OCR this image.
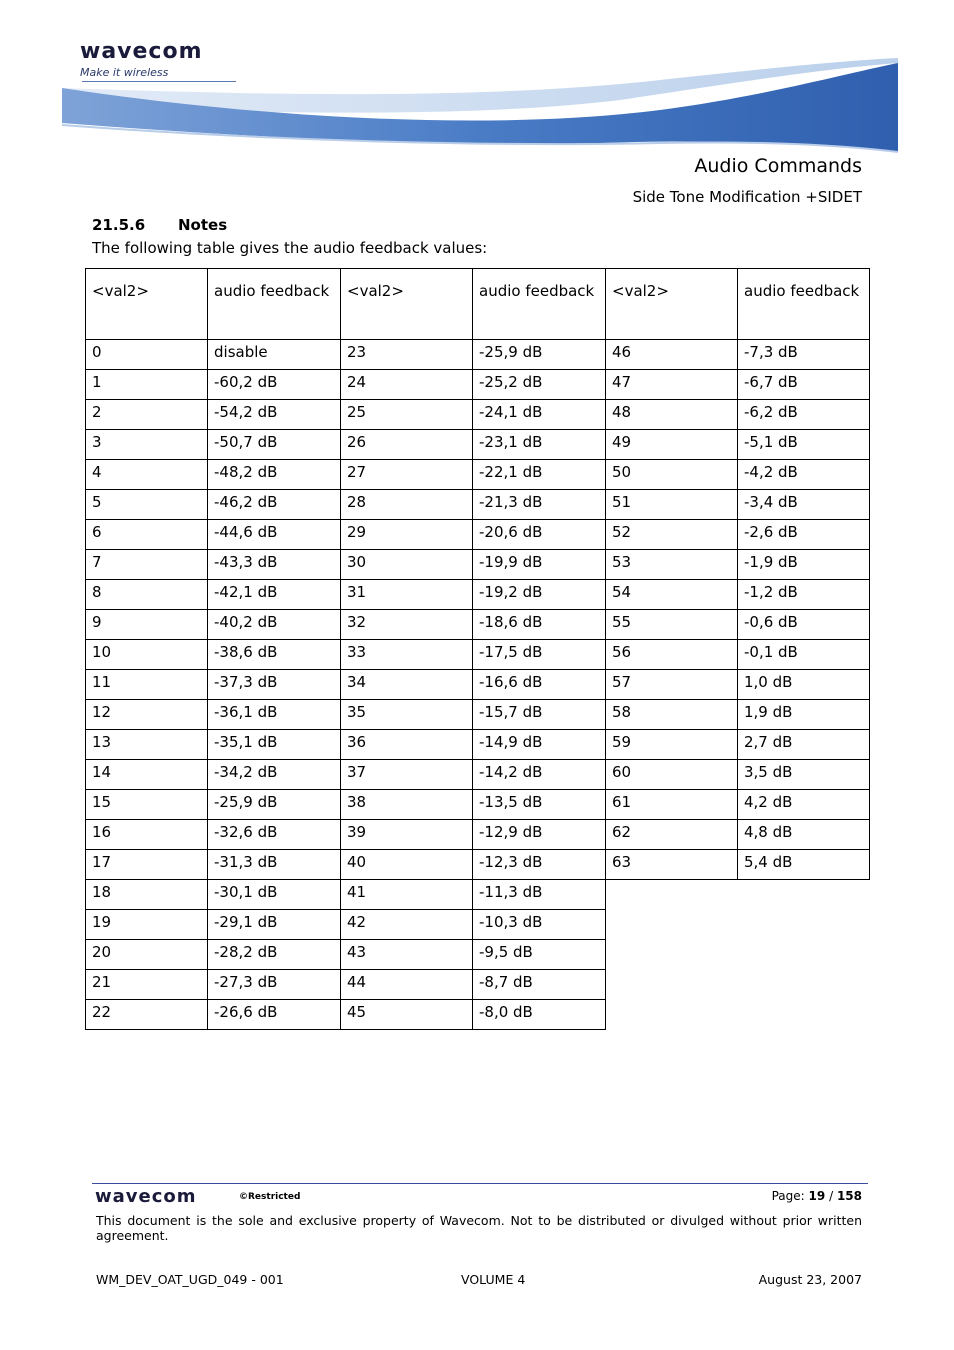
wavecom
Make it wireless
Audio Commands
Side Tone Modification +SIDET
21.5.6 Notes
The following table gives the audio feedback values:
<val2>	audio feedback	<val2>	audio feedback	<val2>	audio feedback
0	disable	23	-25,9 dB	46	-7,3 dB
1	-60,2 dB	24	-25,2 dB	47	-6,7 dB
2	-54,2 dB	25	-24,1 dB	48	-6,2 dB
3	-50,7 dB	26	-23,1 dB	49	-5,1 dB
4	-48,2 dB	27	-22,1 dB	50	-4,2 dB
5	-46,2 dB	28	-21,3 dB	51	-3,4 dB
6	-44,6 dB	29	-20,6 dB	52	-2,6 dB
7	-43,3 dB	30	-19,9 dB	53	-1,9 dB
8	-42,1 dB	31	-19,2 dB	54	-1,2 dB
9	-40,2 dB	32	-18,6 dB	55	-0,6 dB
10	-38,6 dB	33	-17,5 dB	56	-0,1 dB
11	-37,3 dB	34	-16,6 dB	57	1,0 dB
12	-36,1 dB	35	-15,7 dB	58	1,9 dB
13	-35,1 dB	36	-14,9 dB	59	2,7 dB
14	-34,2 dB	37	-14,2 dB	60	3,5 dB
15	-25,9 dB	38	-13,5 dB	61	4,2 dB
16	-32,6 dB	39	-12,9 dB	62	4,8 dB
17	-31,3 dB	40	-12,3 dB	63	5,4 dB
18	-30,1 dB	41	-11,3 dB		
19	-29,1 dB	42	-10,3 dB		
20	-28,2 dB	43	-9,5 dB		
21	-27,3 dB	44	-8,7 dB		
22	-26,6 dB	45	-8,0 dB		
wavecom	©Restricted	Page: 19 / 158
This document is the sole and exclusive property of Wavecom. Not to be distributed or divulged without prior written agreement.
WM_DEV_OAT_UGD_049 - 001	VOLUME 4	August 23, 2007
